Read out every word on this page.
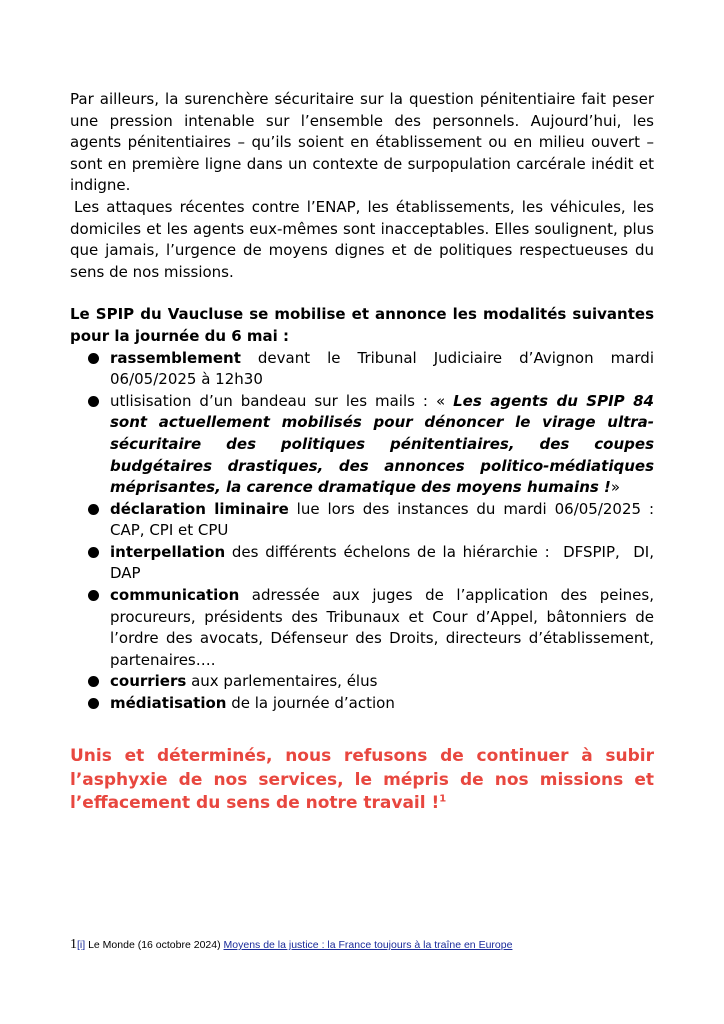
Par ailleurs, la surenchère sécuritaire sur la question pénitentiaire fait peser une pression intenable sur l’ensemble des personnels. Aujourd’hui, les agents pénitentiaires – qu’ils soient en établissement ou en milieu ouvert – sont en première ligne dans un contexte de surpopulation carcérale inédit et indigne.

Les attaques récentes contre l’ENAP, les établissements, les véhicules, les domiciles et les agents eux-mêmes sont inacceptables. Elles soulignent, plus que jamais, l’urgence de moyens dignes et de politiques respectueuses du sens de nos missions.

Le SPIP du Vaucluse se mobilise et annonce les modalités suivantes pour la journée du 6 mai :

rassemblement devant le Tribunal Judiciaire d’Avignon mardi 06/05/2025 à 12h30
utlisisation d’un bandeau sur les mails : « Les agents du SPIP 84 sont actuellement mobilisés pour dénoncer le virage ultra-sécuritaire des politiques pénitentiaires, des coupes budgétaires drastiques, des annonces politico-médiatiques méprisantes, la carence dramatique des moyens humains !»
déclaration liminaire lue lors des instances du mardi 06/05/2025 : CAP, CPI et CPU
interpellation des différents échelons de la hiérarchie :  DFSPIP,  DI, DAP
communication adressée aux juges de l’application des peines, procureurs, présidents des Tribunaux et Cour d’Appel, bâtonniers de l’ordre des avocats, Défenseur des Droits, directeurs d’établissement, partenaires….
courriers aux parlementaires, élus
médiatisation de la journée d’action

Unis et déterminés, nous refusons de continuer à subir l’asphyxie de nos services, le mépris de nos missions et l’effacement du sens de notre travail !$^1$

1[i] Le Monde (16 octobre 2024) Moyens de la justice : la France toujours à la traîne en Europe
